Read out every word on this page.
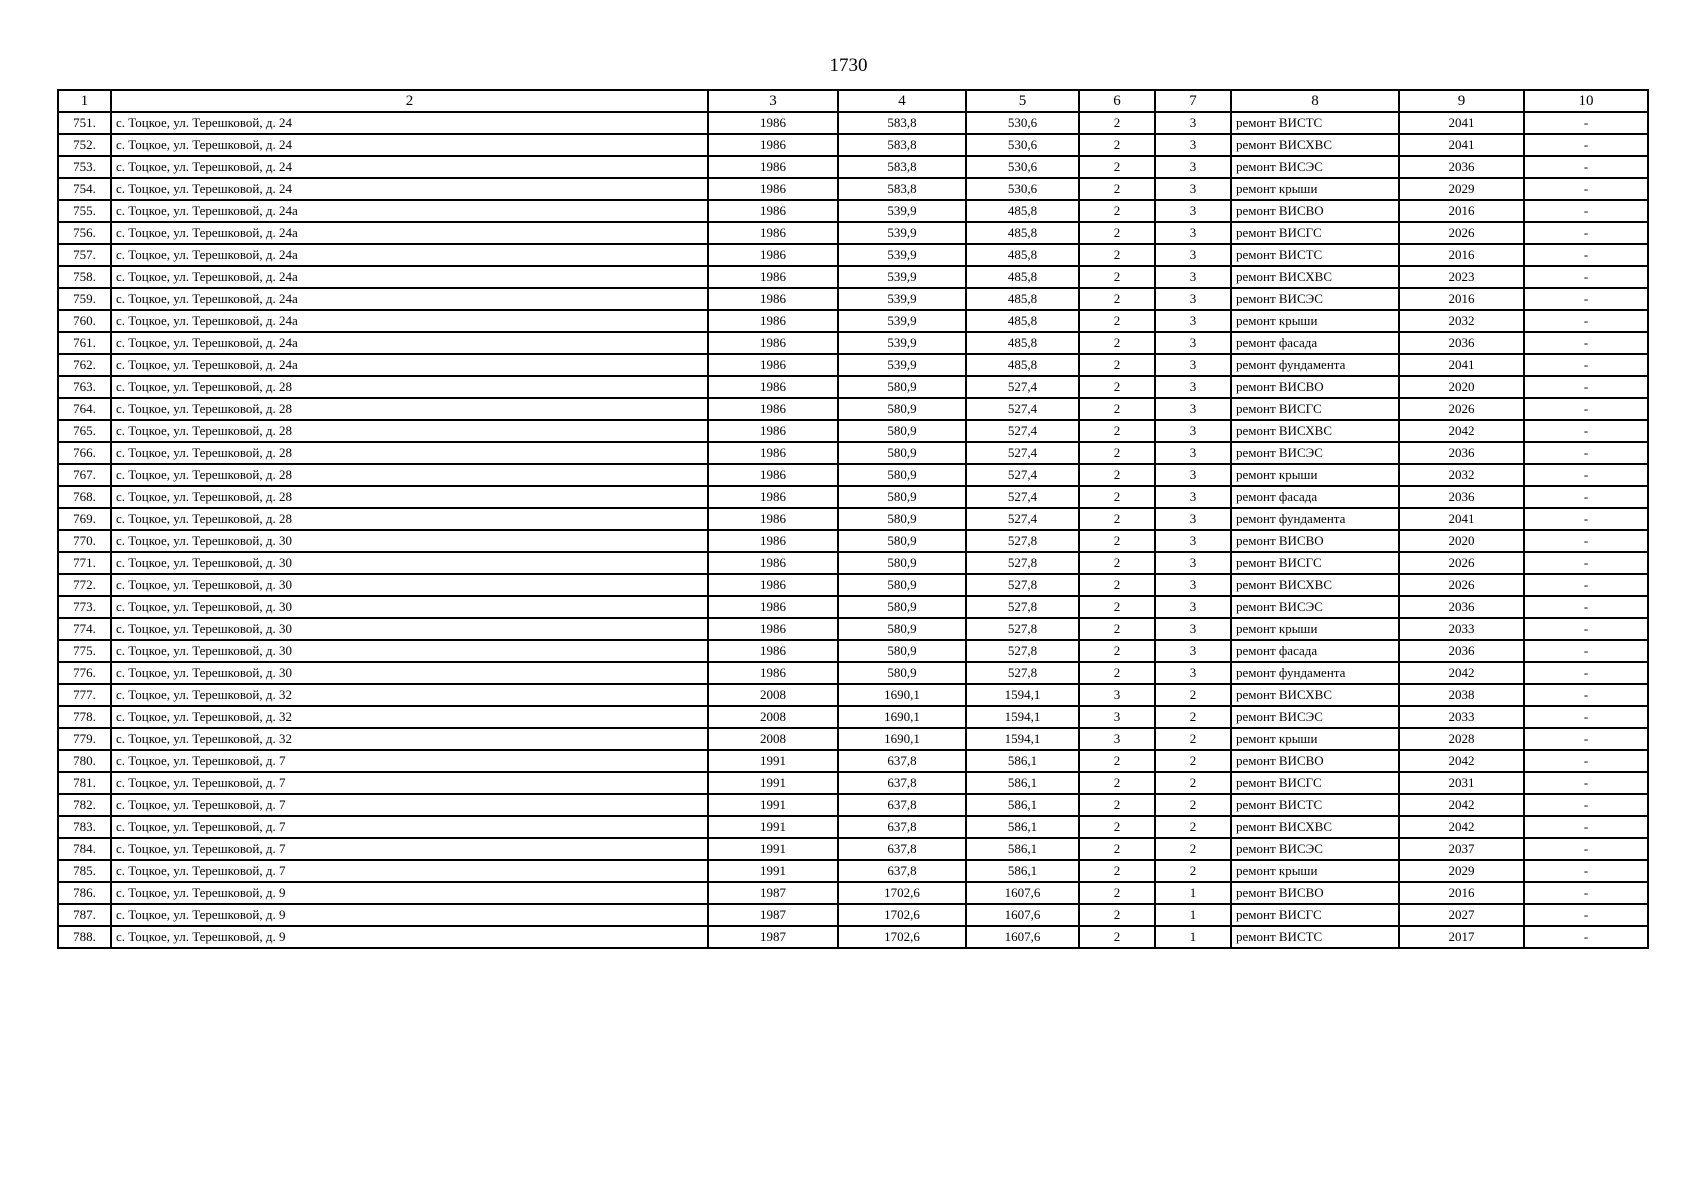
1730
1	2	3	4	5	6	7	8	9	10
751.	с. Тоцкое, ул. Терешковой, д. 24	1986	583,8	530,6	2	3	ремонт ВИСТС	2041	-
752.	с. Тоцкое, ул. Терешковой, д. 24	1986	583,8	530,6	2	3	ремонт ВИСХВС	2041	-
753.	с. Тоцкое, ул. Терешковой, д. 24	1986	583,8	530,6	2	3	ремонт ВИСЭС	2036	-
754.	с. Тоцкое, ул. Терешковой, д. 24	1986	583,8	530,6	2	3	ремонт крыши	2029	-
755.	с. Тоцкое, ул. Терешковой, д. 24а	1986	539,9	485,8	2	3	ремонт ВИСВО	2016	-
756.	с. Тоцкое, ул. Терешковой, д. 24а	1986	539,9	485,8	2	3	ремонт ВИСГС	2026	-
757.	с. Тоцкое, ул. Терешковой, д. 24а	1986	539,9	485,8	2	3	ремонт ВИСТС	2016	-
758.	с. Тоцкое, ул. Терешковой, д. 24а	1986	539,9	485,8	2	3	ремонт ВИСХВС	2023	-
759.	с. Тоцкое, ул. Терешковой, д. 24а	1986	539,9	485,8	2	3	ремонт ВИСЭС	2016	-
760.	с. Тоцкое, ул. Терешковой, д. 24а	1986	539,9	485,8	2	3	ремонт крыши	2032	-
761.	с. Тоцкое, ул. Терешковой, д. 24а	1986	539,9	485,8	2	3	ремонт фасада	2036	-
762.	с. Тоцкое, ул. Терешковой, д. 24а	1986	539,9	485,8	2	3	ремонт фундамента	2041	-
763.	с. Тоцкое, ул. Терешковой, д. 28	1986	580,9	527,4	2	3	ремонт ВИСВО	2020	-
764.	с. Тоцкое, ул. Терешковой, д. 28	1986	580,9	527,4	2	3	ремонт ВИСГС	2026	-
765.	с. Тоцкое, ул. Терешковой, д. 28	1986	580,9	527,4	2	3	ремонт ВИСХВС	2042	-
766.	с. Тоцкое, ул. Терешковой, д. 28	1986	580,9	527,4	2	3	ремонт ВИСЭС	2036	-
767.	с. Тоцкое, ул. Терешковой, д. 28	1986	580,9	527,4	2	3	ремонт крыши	2032	-
768.	с. Тоцкое, ул. Терешковой, д. 28	1986	580,9	527,4	2	3	ремонт фасада	2036	-
769.	с. Тоцкое, ул. Терешковой, д. 28	1986	580,9	527,4	2	3	ремонт фундамента	2041	-
770.	с. Тоцкое, ул. Терешковой, д. 30	1986	580,9	527,8	2	3	ремонт ВИСВО	2020	-
771.	с. Тоцкое, ул. Терешковой, д. 30	1986	580,9	527,8	2	3	ремонт ВИСГС	2026	-
772.	с. Тоцкое, ул. Терешковой, д. 30	1986	580,9	527,8	2	3	ремонт ВИСХВС	2026	-
773.	с. Тоцкое, ул. Терешковой, д. 30	1986	580,9	527,8	2	3	ремонт ВИСЭС	2036	-
774.	с. Тоцкое, ул. Терешковой, д. 30	1986	580,9	527,8	2	3	ремонт крыши	2033	-
775.	с. Тоцкое, ул. Терешковой, д. 30	1986	580,9	527,8	2	3	ремонт фасада	2036	-
776.	с. Тоцкое, ул. Терешковой, д. 30	1986	580,9	527,8	2	3	ремонт фундамента	2042	-
777.	с. Тоцкое, ул. Терешковой, д. 32	2008	1690,1	1594,1	3	2	ремонт ВИСХВС	2038	-
778.	с. Тоцкое, ул. Терешковой, д. 32	2008	1690,1	1594,1	3	2	ремонт ВИСЭС	2033	-
779.	с. Тоцкое, ул. Терешковой, д. 32	2008	1690,1	1594,1	3	2	ремонт крыши	2028	-
780.	с. Тоцкое, ул. Терешковой, д. 7	1991	637,8	586,1	2	2	ремонт ВИСВО	2042	-
781.	с. Тоцкое, ул. Терешковой, д. 7	1991	637,8	586,1	2	2	ремонт ВИСГС	2031	-
782.	с. Тоцкое, ул. Терешковой, д. 7	1991	637,8	586,1	2	2	ремонт ВИСТС	2042	-
783.	с. Тоцкое, ул. Терешковой, д. 7	1991	637,8	586,1	2	2	ремонт ВИСХВС	2042	-
784.	с. Тоцкое, ул. Терешковой, д. 7	1991	637,8	586,1	2	2	ремонт ВИСЭС	2037	-
785.	с. Тоцкое, ул. Терешковой, д. 7	1991	637,8	586,1	2	2	ремонт крыши	2029	-
786.	с. Тоцкое, ул. Терешковой, д. 9	1987	1702,6	1607,6	2	1	ремонт ВИСВО	2016	-
787.	с. Тоцкое, ул. Терешковой, д. 9	1987	1702,6	1607,6	2	1	ремонт ВИСГС	2027	-
788.	с. Тоцкое, ул. Терешковой, д. 9	1987	1702,6	1607,6	2	1	ремонт ВИСТС	2017	-
